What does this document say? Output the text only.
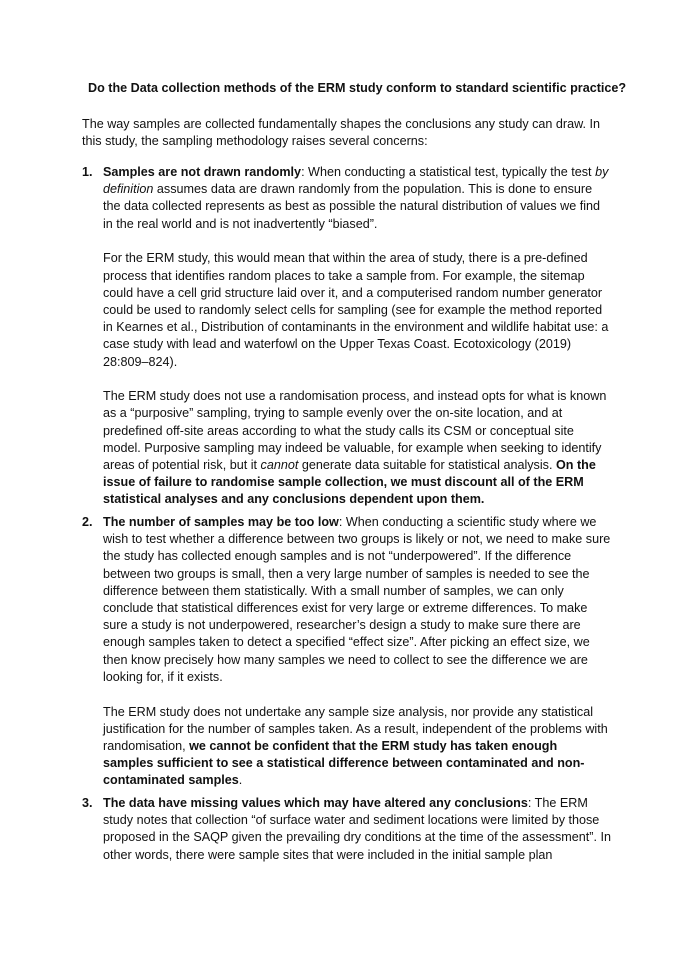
Do the Data collection methods of the ERM study conform to standard scientific practice?

The way samples are collected fundamentally shapes the conclusions any study can draw. In this study, the sampling methodology raises several concerns:

1. Samples are not drawn randomly: When conducting a statistical test, typically the test by definition assumes data are drawn randomly from the population. This is done to ensure the data collected represents as best as possible the natural distribution of values we find in the real world and is not inadvertently “biased”.

For the ERM study, this would mean that within the area of study, there is a pre-defined process that identifies random places to take a sample from. For example, the sitemap could have a cell grid structure laid over it, and a computerised random number generator could be used to randomly select cells for sampling (see for example the method reported in Kearnes et al., Distribution of contaminants in the environment and wildlife habitat use: a case study with lead and waterfowl on the Upper Texas Coast. Ecotoxicology (2019) 28:809–824).

The ERM study does not use a randomisation process, and instead opts for what is known as a “purposive” sampling, trying to sample evenly over the on-site location, and at predefined off-site areas according to what the study calls its CSM or conceptual site model. Purposive sampling may indeed be valuable, for example when seeking to identify areas of potential risk, but it cannot generate data suitable for statistical analysis. On the issue of failure to randomise sample collection, we must discount all of the ERM statistical analyses and any conclusions dependent upon them.

2. The number of samples may be too low: When conducting a scientific study where we wish to test whether a difference between two groups is likely or not, we need to make sure the study has collected enough samples and is not “underpowered”. If the difference between two groups is small, then a very large number of samples is needed to see the difference between them statistically. With a small number of samples, we can only conclude that statistical differences exist for very large or extreme differences. To make sure a study is not underpowered, researcher’s design a study to make sure there are enough samples taken to detect a specified “effect size”. After picking an effect size, we then know precisely how many samples we need to collect to see the difference we are looking for, if it exists.

The ERM study does not undertake any sample size analysis, nor provide any statistical justification for the number of samples taken. As a result, independent of the problems with randomisation, we cannot be confident that the ERM study has taken enough samples sufficient to see a statistical difference between contaminated and non-contaminated samples.

3. The data have missing values which may have altered any conclusions: The ERM study notes that collection “of surface water and sediment locations were limited by those proposed in the SAQP given the prevailing dry conditions at the time of the assessment”. In other words, there were sample sites that were included in the initial sample plan
